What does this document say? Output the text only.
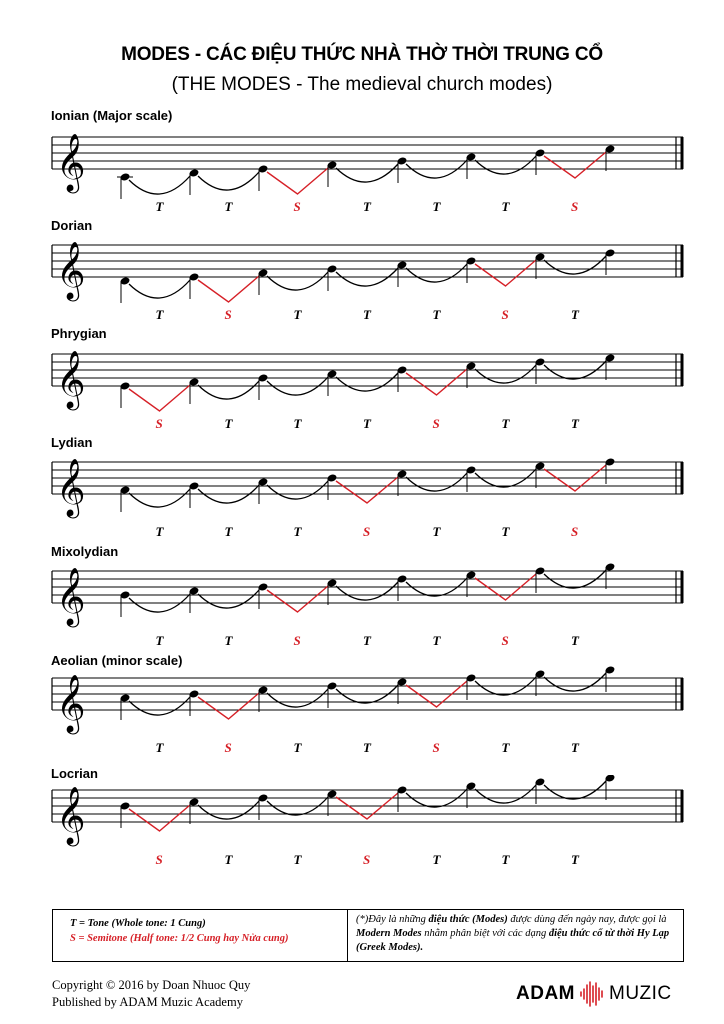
MODES - CÁC ĐIỆU THỨC NHÀ THỜ THỜI TRUNG CỔ
(THE MODES - The medieval church modes)
Ionian (Major scale)
𝄞
T	T	S	T	T	T	S
Dorian
𝄞
T	S	T	T	T	S	T
Phrygian
𝄞
S	T	T	T	S	T	T
Lydian
𝄞
T	T	T	S	T	T	S
Mixolydian
𝄞
T	T	S	T	T	S	T
Aeolian (minor scale)
𝄞
T	S	T	T	S	T	T
Locrian
𝄞
S	T	T	S	T	T	T
T = Tone (Whole tone: 1 Cung)
S = Semitone (Half tone: 1/2 Cung hay Nửa cung)
(*)Đây là những điệu thức (Modes) được dùng đến ngày nay, được gọi là Modern Modes nhằm phân biệt với các dạng điệu thức cổ từ thời Hy Lạp (Greek Modes).
Copyright © 2016 by Doan Nhuoc Quy
Published by ADAM Muzic Academy	ADAM MUZIC
